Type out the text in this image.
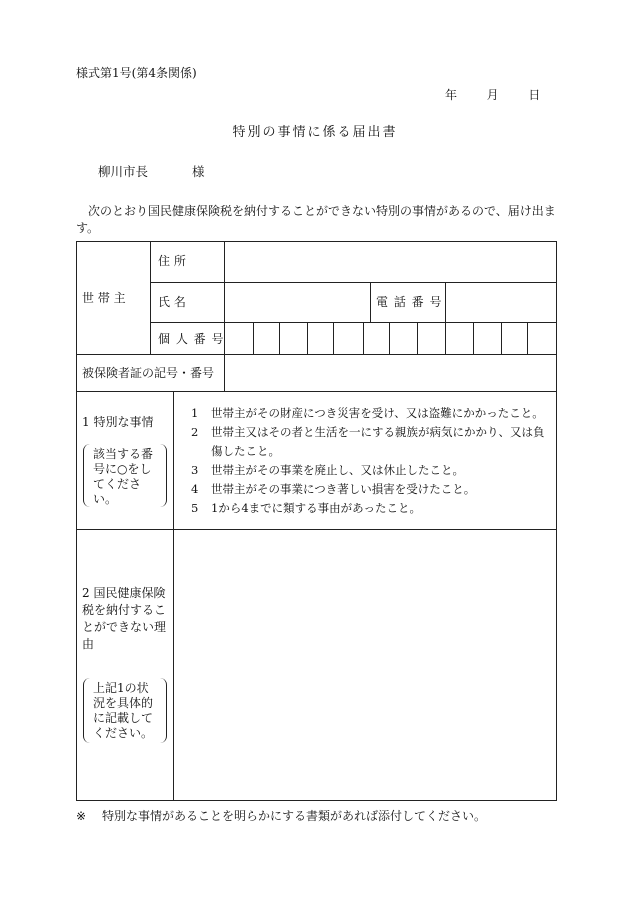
様式第1号(第4条関係)
年 月 日
特別の事情に係る届出書
柳川市長	様
次のとおり国民健康保険税を納付することができない特別の事情があるので、届け出ます。
世 帯 主
住 所
氏 名	電 話 番 号
個 人 番 号
被保険者証の記号・番号
1 特別な事情
該当する番号に○をしてください。
1 世帯主がその財産につき災害を受け、又は盗難にかかったこと。
2 世帯主又はその者と生活を一にする親族が病気にかかり、又は負傷したこと。
3 世帯主がその事業を廃止し、又は休止したこと。
4 世帯主がその事業につき著しい損害を受けたこと。
5 1から4までに類する事由があったこと。
2 国民健康保険税を納付することができない理由
上記1の状況を具体的に記載してください。
※ 特別な事情があることを明らかにする書類があれば添付してください。
